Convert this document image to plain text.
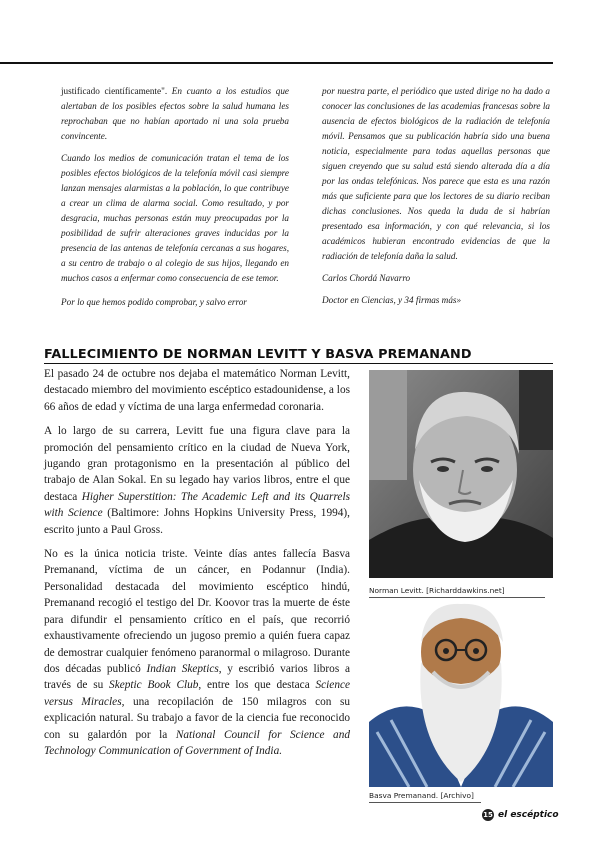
justificado científicamente". En cuanto a los estudios que alertaban de los posibles efectos sobre la salud humana les reprochaban que no habían aportado ni una sola prueba convincente.

Cuando los medios de comunicación tratan el tema de los posibles efectos biológicos de la telefonía móvil casi siempre lanzan mensajes alarmistas a la población, lo que contribuye a crear un clima de alarma social. Como resultado, y por desgracia, muchas personas están muy preocupadas por la posibilidad de sufrir alteraciones graves inducidas por la presencia de las antenas de telefonía cercanas a sus hogares, a su centro de trabajo o al colegio de sus hijos, llegando en muchos casos a enfermar como consecuencia de ese temor.

Por lo que hemos podido comprobar, y salvo error

por nuestra parte, el periódico que usted dirige no ha dado a conocer las conclusiones de las academias francesas sobre la ausencia de efectos biológicos de la radiación de telefonía móvil. Pensamos que su publicación habría sido una buena noticia, especialmente para todas aquellas personas que siguen creyendo que su salud está siendo alterada día a día por las ondas telefónicas. Nos parece que esta es una razón más que suficiente para que los lectores de su diario reciban dichas conclusiones. Nos queda la duda de si habrían presentado esa información, y con qué relevancia, si los académicos hubieran encontrado evidencias de que la radiación de telefonía daña la salud.

Carlos Chordá Navarro

Doctor en Ciencias, y 34 firmas más»

FALLECIMIENTO DE NORMAN LEVITT Y BASVA PREMANAND

El pasado 24 de octubre nos dejaba el matemático Norman Levitt, destacado miembro del movimiento escéptico estadounidense, a los 66 años de edad y víctima de una larga enfermedad coronaria.

A lo largo de su carrera, Levitt fue una figura clave para la promoción del pensamiento crítico en la ciudad de Nueva York, jugando gran protagonismo en la presentación al público del trabajo de Alan Sokal. En su legado hay varios libros, entre el que destaca Higher Superstition: The Academic Left and its Quarrels with Science (Baltimore: Johns Hopkins University Press, 1994), escrito junto a Paul Gross.

No es la única noticia triste. Veinte días antes fallecía Basva Premanand, víctima de un cáncer, en Podannur (India). Personalidad destacada del movimiento escéptico hindú, Premanand recogió el testigo del Dr. Koovor tras la muerte de éste para difundir el pensamiento crítico en el país, que recorrió exhaustivamente ofreciendo un jugoso premio a quién fuera capaz de demostrar cualquier fenómeno paranormal o milagroso. Durante dos décadas publicó Indian Skeptics, y escribió varios libros a través de su Skeptic Book Club, entre los que destaca Science versus Miracles, una recopilación de 150 milagros con su explicación natural. Su trabajo a favor de la ciencia fue reconocido con su galardón por la National Council for Science and Technology Communication of Government of India.

Norman Levitt. [Richarddawkins.net]
Basva Premanand. [Archivo]
15 el escéptico
